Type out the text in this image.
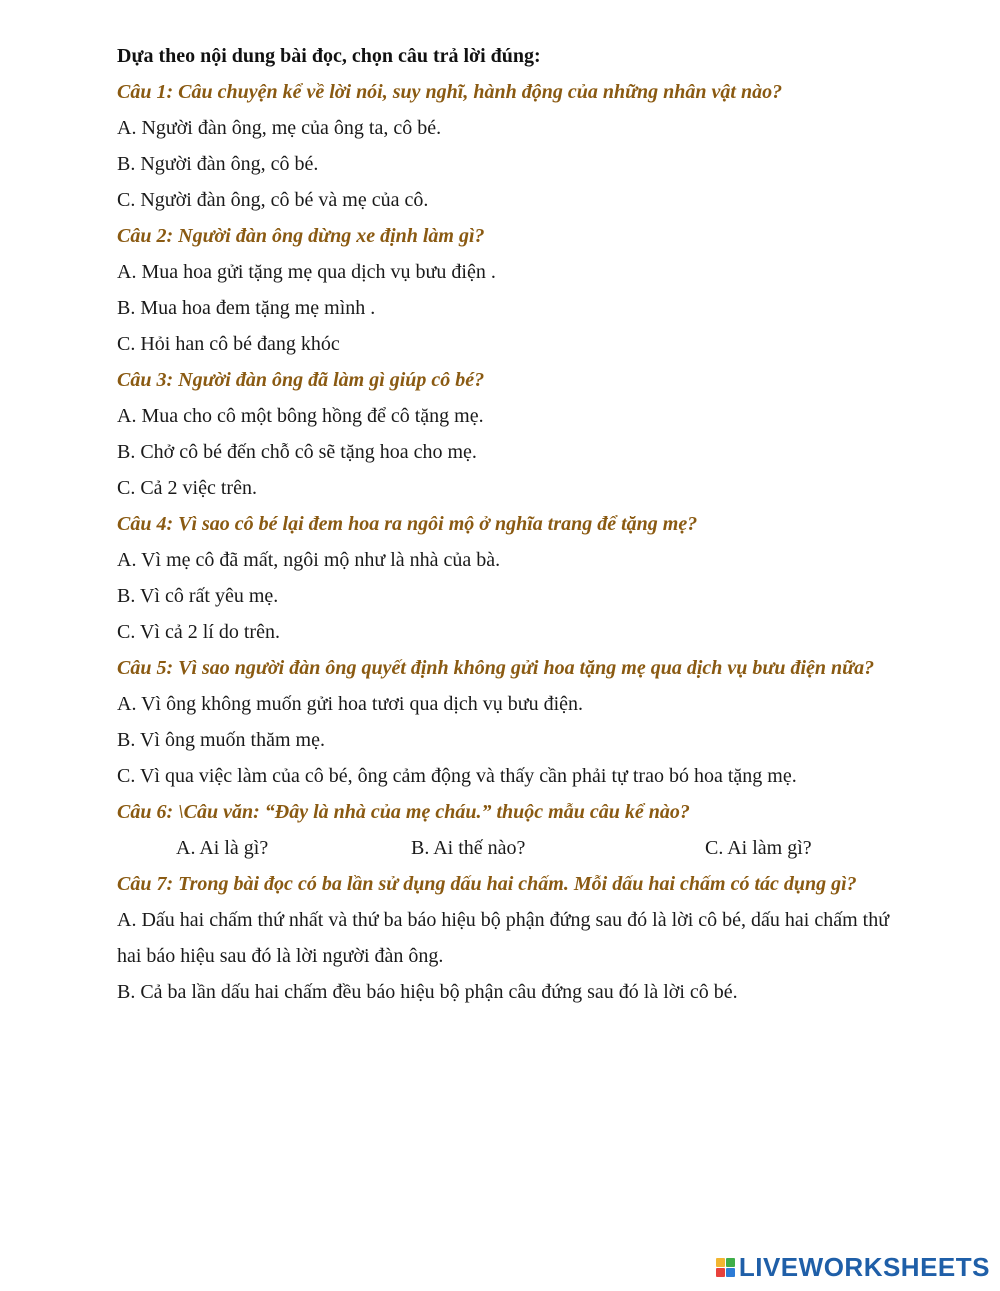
Dựa theo nội dung bài đọc, chọn câu trả lời đúng:
Câu 1: Câu chuyện kể về lời nói, suy nghĩ, hành động của những nhân vật nào?
A. Người đàn ông, mẹ của ông ta, cô bé.
B. Người đàn ông, cô bé.
C. Người đàn ông, cô bé và mẹ của cô.
Câu 2: Người đàn ông dừng xe định làm gì?
A. Mua hoa gửi tặng mẹ qua dịch vụ bưu điện .
B. Mua hoa đem tặng mẹ mình .
C. Hỏi han cô bé đang khóc
Câu 3: Người đàn ông đã làm gì giúp cô bé?
A. Mua cho cô một bông hồng để cô tặng mẹ.
B. Chở cô bé đến chỗ cô sẽ tặng hoa cho mẹ.
C. Cả 2 việc trên.
Câu 4: Vì sao cô bé lại đem hoa ra ngôi mộ ở nghĩa trang để tặng mẹ?
A. Vì mẹ cô đã mất, ngôi mộ như là nhà của bà.
B. Vì cô rất yêu mẹ.
C. Vì cả 2 lí do trên.
Câu 5: Vì sao người đàn ông quyết định không gửi hoa tặng mẹ qua dịch vụ bưu điện nữa?
A. Vì ông không muốn gửi hoa tươi qua dịch vụ bưu điện.
B. Vì ông muốn thăm mẹ.
C. Vì qua việc làm của cô bé, ông cảm động và thấy cần phải tự trao bó hoa tặng mẹ.
Câu 6: \Câu văn: “Đây là nhà của mẹ cháu.” thuộc mẫu câu kể nào?
A. Ai là gì?	B. Ai thế nào?	C. Ai làm gì?
Câu 7: Trong bài đọc có ba lần sử dụng dấu hai chấm. Mỗi dấu hai chấm có tác dụng gì?
A. Dấu hai chấm thứ nhất và thứ ba báo hiệu bộ phận đứng sau đó là lời cô bé, dấu hai chấm thứ hai báo hiệu sau đó là lời người đàn ông.
B. Cả ba lần dấu hai chấm đều báo hiệu bộ phận câu đứng sau đó là lời cô bé.
LIVEWORKSHEETS
